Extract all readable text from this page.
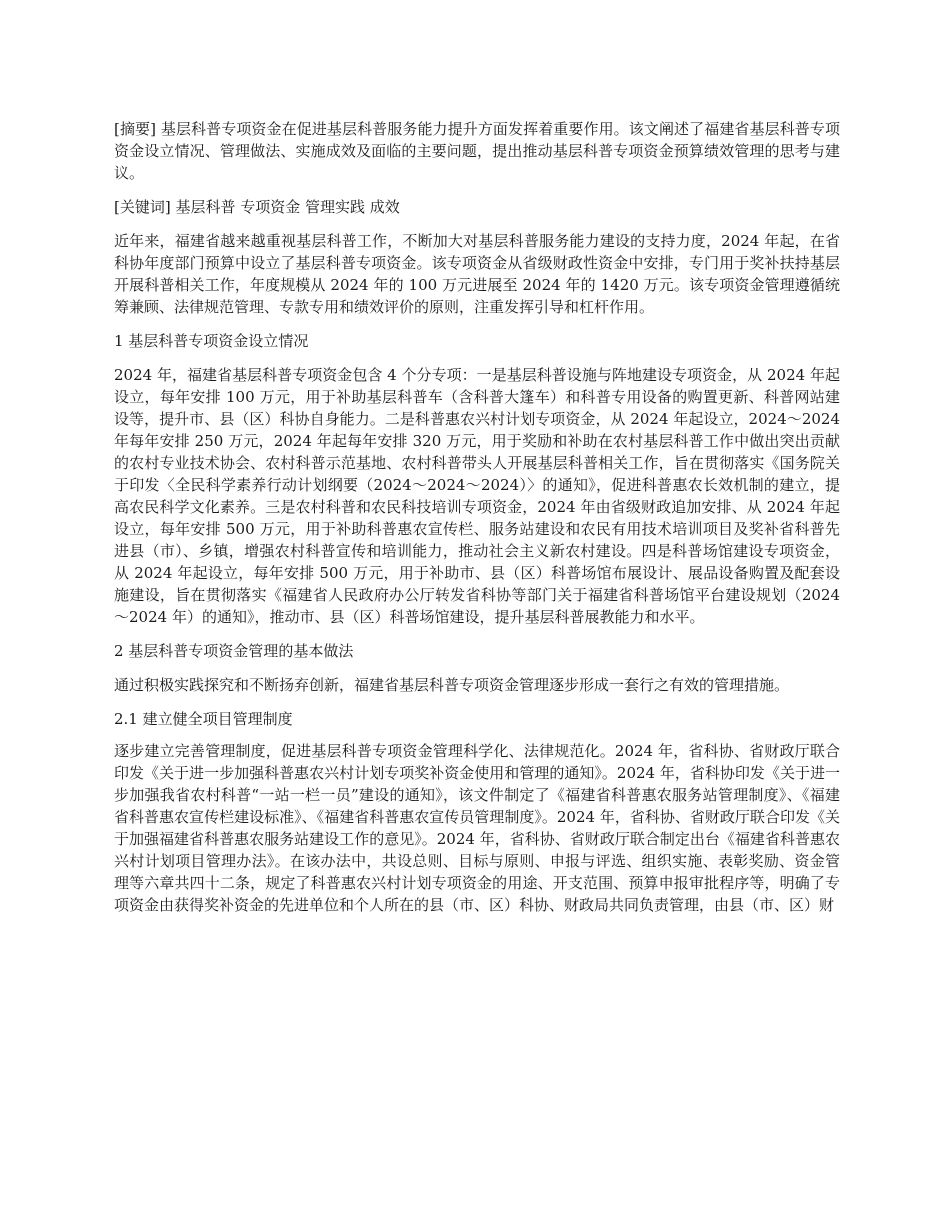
[摘要] 基层科普专项资金在促进基层科普服务能力提升方面发挥着重要作用。该文阐述了福建省基层科普专项资金设立情况、管理做法、实施成效及面临的主要问题，提出推动基层科普专项资金预算绩效管理的思考与建议。

[关键词] 基层科普 专项资金 管理实践 成效

近年来，福建省越来越重视基层科普工作，不断加大对基层科普服务能力建设的支持力度，2024 年起，在省科协年度部门预算中设立了基层科普专项资金。该专项资金从省级财政性资金中安排，专门用于奖补扶持基层开展科普相关工作，年度规模从 2024 年的 100 万元进展至 2024 年的 1420 万元。该专项资金管理遵循统筹兼顾、法律规范管理、专款专用和绩效评价的原则，注重发挥引导和杠杆作用。

1 基层科普专项资金设立情况

2024 年，福建省基层科普专项资金包含 4 个分专项：一是基层科普设施与阵地建设专项资金，从 2024 年起设立，每年安排 100 万元，用于补助基层科普车（含科普大篷车）和科普专用设备的购置更新、科普网站建设等，提升市、县（区）科协自身能力。二是科普惠农兴村计划专项资金，从 2024 年起设立，2024～2024 年每年安排 250 万元，2024 年起每年安排 320 万元，用于奖励和补助在农村基层科普工作中做出突出贡献的农村专业技术协会、农村科普示范基地、农村科普带头人开展基层科普相关工作，旨在贯彻落实《国务院关于印发〈全民科学素养行动计划纲要（2024～2024～2024）〉的通知》，促进科普惠农长效机制的建立，提高农民科学文化素养。三是农村科普和农民科技培训专项资金，2024 年由省级财政追加安排、从 2024 年起设立，每年安排 500 万元，用于补助科普惠农宣传栏、服务站建设和农民有用技术培训项目及奖补省科普先进县（市）、乡镇，增强农村科普宣传和培训能力，推动社会主义新农村建设。四是科普场馆建设专项资金，从 2024 年起设立，每年安排 500 万元，用于补助市、县（区）科普场馆布展设计、展品设备购置及配套设施建设，旨在贯彻落实《福建省人民政府办公厅转发省科协等部门关于福建省科普场馆平台建设规划（2024～2024 年）的通知》，推动市、县（区）科普场馆建设，提升基层科普展教能力和水平。

2 基层科普专项资金管理的基本做法

通过积极实践探究和不断扬弃创新，福建省基层科普专项资金管理逐步形成一套行之有效的管理措施。

2.1 建立健全项目管理制度

逐步建立完善管理制度，促进基层科普专项资金管理科学化、法律规范化。2024 年，省科协、省财政厅联合印发《关于进一步加强科普惠农兴村计划专项奖补资金使用和管理的通知》。2024 年，省科协印发《关于进一步加强我省农村科普“一站一栏一员”建设的通知》，该文件制定了《福建省科普惠农服务站管理制度》、《福建省科普惠农宣传栏建设标准》、《福建省科普惠农宣传员管理制度》。2024 年，省科协、省财政厅联合印发《关于加强福建省科普惠农服务站建设工作的意见》。2024 年，省科协、省财政厅联合制定出台《福建省科普惠农兴村计划项目管理办法》。在该办法中，共设总则、目标与原则、申报与评选、组织实施、表彰奖励、资金管理等六章共四十二条，规定了科普惠农兴村计划专项资金的用途、开支范围、预算申报审批程序等，明确了专项资金由获得奖补资金的先进单位和个人所在的县（市、区）科协、财政局共同负责管理，由县（市、区）财
